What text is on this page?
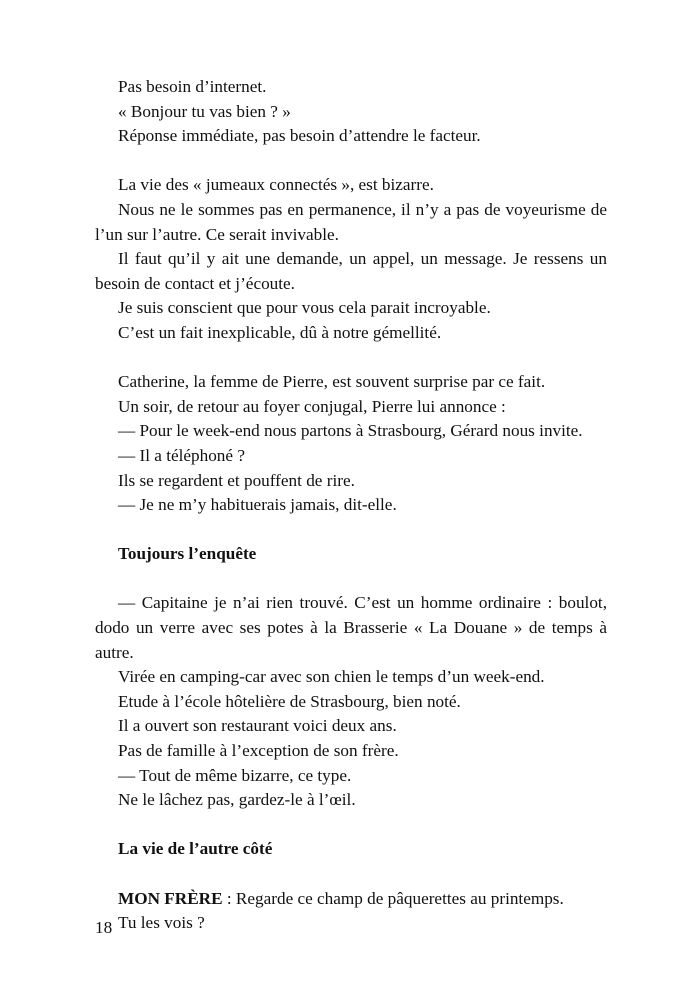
Pas besoin d’internet.

« Bonjour tu vas bien ? »

Réponse immédiate, pas besoin d’attendre le facteur.

La vie des « jumeaux connectés », est bizarre.

Nous ne le sommes pas en permanence, il n’y a pas de voyeurisme de l’un sur l’autre. Ce serait invivable.

Il faut qu’il y ait une demande, un appel, un message. Je ressens un besoin de contact et j’écoute.

Je suis conscient que pour vous cela parait incroyable.

C’est un fait inexplicable, dû à notre gémellité.

Catherine, la femme de Pierre, est souvent surprise par ce fait.

Un soir, de retour au foyer conjugal, Pierre lui annonce :

— Pour le week-end nous partons à Strasbourg, Gérard nous invite.

— Il a téléphoné ?

Ils se regardent et pouffent de rire.

— Je ne m’y habituerais jamais, dit-elle.

Toujours l’enquête

— Capitaine je n’ai rien trouvé. C’est un homme ordinaire : boulot, dodo un verre avec ses potes à la Brasserie « La Douane » de temps à autre.

Virée en camping-car avec son chien le temps d’un week-end.

Etude à l’école hôtelière de Strasbourg, bien noté.

Il a ouvert son restaurant voici deux ans.

Pas de famille à l’exception de son frère.

— Tout de même bizarre, ce type.

Ne le lâchez pas, gardez-le à l’œil.

La vie de l’autre côté

MON FRÈRE : Regarde ce champ de pâquerettes au printemps.

Tu les vois ?

18
